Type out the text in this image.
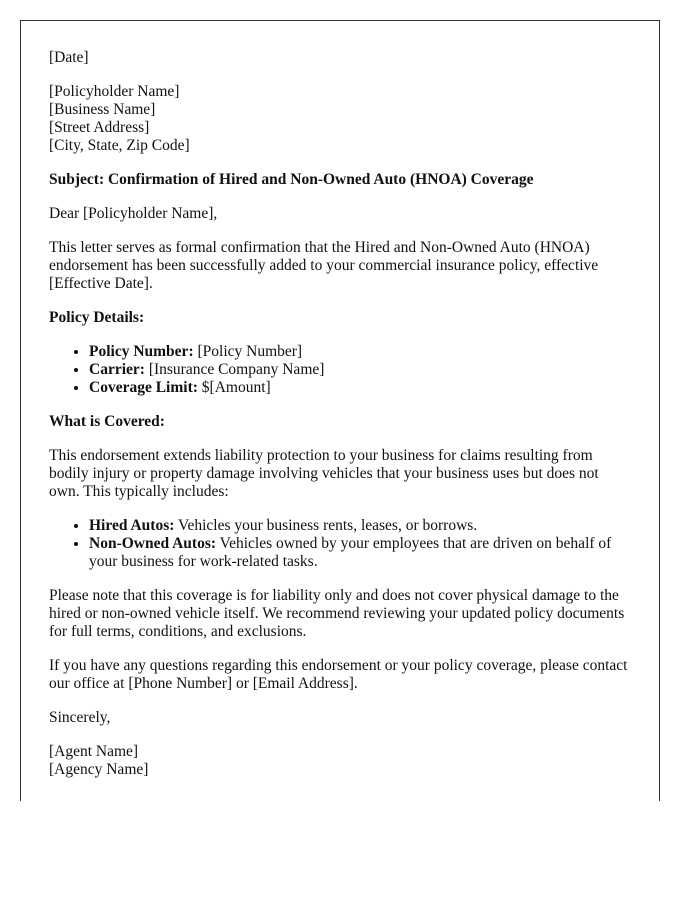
[Date]

[Policyholder Name]
[Business Name]
[Street Address]
[City, State, Zip Code]

Subject: Confirmation of Hired and Non-Owned Auto (HNOA) Coverage

Dear [Policyholder Name],

This letter serves as formal confirmation that the Hired and Non-Owned Auto (HNOA) endorsement has been successfully added to your commercial insurance policy, effective [Effective Date].

Policy Details:

• Policy Number: [Policy Number]
• Carrier: [Insurance Company Name]
• Coverage Limit: $[Amount]

What is Covered:

This endorsement extends liability protection to your business for claims resulting from bodily injury or property damage involving vehicles that your business uses but does not own. This typically includes:

• Hired Autos: Vehicles your business rents, leases, or borrows.
• Non-Owned Autos: Vehicles owned by your employees that are driven on behalf of your business for work-related tasks.

Please note that this coverage is for liability only and does not cover physical damage to the hired or non-owned vehicle itself. We recommend reviewing your updated policy documents for full terms, conditions, and exclusions.

If you have any questions regarding this endorsement or your policy coverage, please contact our office at [Phone Number] or [Email Address].

Sincerely,

[Agent Name]
[Agency Name]
